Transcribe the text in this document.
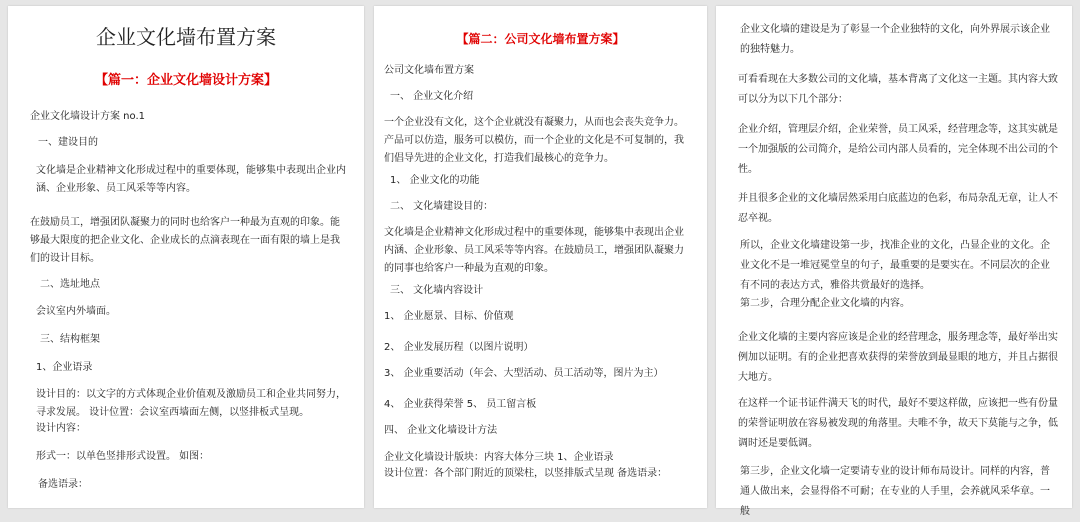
企业文化墙布置方案
【篇一：企业文化墙设计方案】
企业文化墙设计方案 no.1
一、建设目的
文化墙是企业精神文化形成过程中的重要体现，能够集中表现出企业内涵、企业形象、员工风采等等内容。
在鼓励员工，增强团队凝聚力的同时也给客户一种最为直观的印象。能够最大限度的把企业文化、企业成长的点滴表现在一面有限的墙上是我们的设计目标。
二、选址地点
会议室内外墙面。
三、结构框架
1、企业语录
设计目的：以文字的方式体现企业价值观及激励员工和企业共同努力，寻求发展。 设计位置：会议室西墙面左侧，以竖排板式呈现。
设计内容：
形式一：以单色竖排形式设置。 如图：
备选语录：
【篇二：公司文化墙布置方案】
公司文化墙布置方案
一、 企业文化介绍
一个企业没有文化，这个企业就没有凝聚力，从而也会丧失竞争力。产品可以仿造，服务可以模仿，而一个企业的文化是不可复制的，我们倡导先进的企业文化，打造我们最核心的竞争力。
1、 企业文化的功能
二、 文化墙建设目的：
文化墙是企业精神文化形成过程中的重要体现，能够集中表现出企业内涵、企业形象、员工风采等等内容。在鼓励员工，增强团队凝聚力的同事也给客户一种最为直观的印象。
三、 文化墙内容设计
1、 企业愿景、目标、价值观
2、 企业发展历程（以图片说明）
3、 企业重要活动（年会、大型活动、员工活动等，图片为主）
4、 企业获得荣誉 5、 员工留言板
四、 企业文化墙设计方法
企业文化墙设计版块：内容大体分三块 1、企业语录
设计位置：各个部门附近的顶梁柱，以竖排版式呈现 备选语录：
企业文化墙的建设是为了彰显一个企业独特的文化，向外界展示该企业的独特魅力。
可看看现在大多数公司的文化墙，基本背离了文化这一主题。其内容大致可以分为以下几个部分：
企业介绍，管理层介绍，企业荣誉，员工风采，经营理念等，这其实就是一个加强版的公司简介，是给公司内部人员看的，完全体现不出公司的个性。
并且很多企业的文化墙居然采用白底蓝边的色彩，布局杂乱无章，让人不忍卒视。
所以，企业文化墙建设第一步，找准企业的文化，凸显企业的文化。企业文化不是一堆冠冕堂皇的句子，最重要的是要实在。不同层次的企业有不同的表达方式，雅俗共赏最好的选择。
第二步，合理分配企业文化墙的内容。
企业文化墙的主要内容应该是企业的经营理念，服务理念等，最好举出实例加以证明。有的企业把喜欢获得的荣誉放到最显眼的地方，并且占据很大地方。
在这样一个证书证件满天飞的时代，最好不要这样做，应该把一些有份量的荣誉证明放在容易被发现的角落里。夫唯不争，故天下莫能与之争，低调时还是要低调。
第三步，企业文化墙一定要请专业的设计师布局设计。同样的内容，普通人做出来，会显得俗不可耐；在专业的人手里，会养就风采华章。一般
